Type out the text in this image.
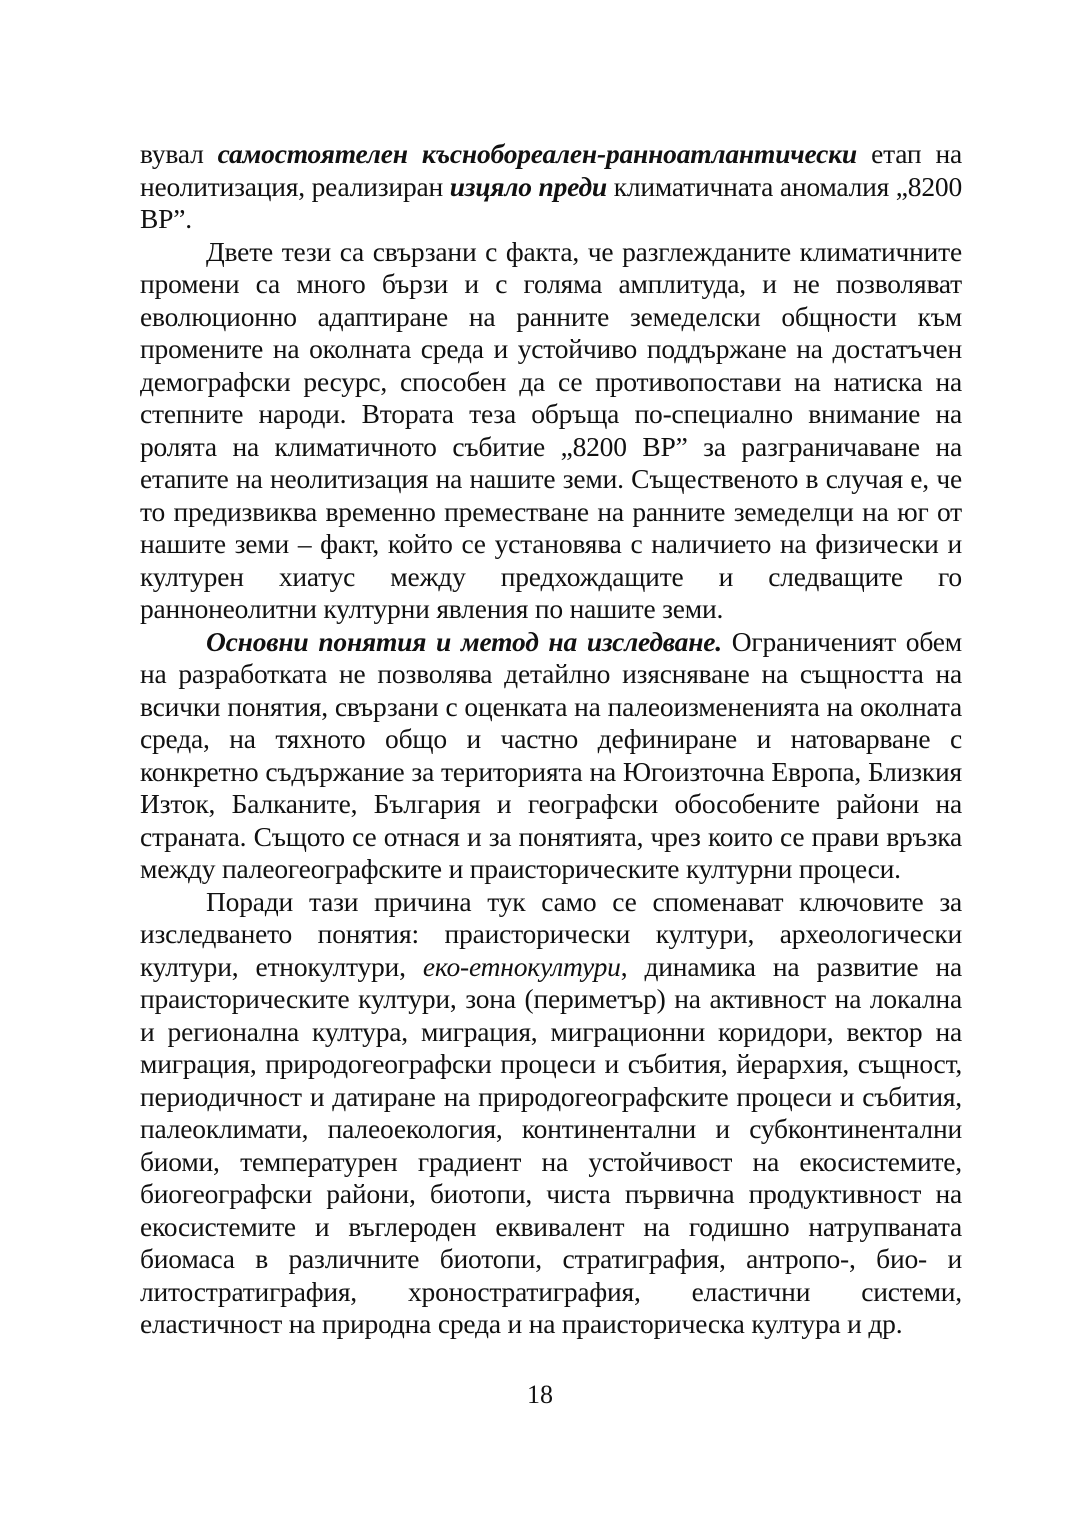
вувал самостоятелен къснобореален-ранноатлантически етап на неолитизация, реализиран изцяло преди климатичната аномалия „8200 ВР”.

Двете тези са свързани с факта, че разглежданите климатичните промени са много бързи и с голяма амплитуда, и не позволяват еволюционно адаптиране на ранните земеделски общности към промените на околната среда и устойчиво поддържане на достатъчен демографски ресурс, способен да се противопостави на натиска на степните народи. Втората теза обръща по-специално внимание на ролята на климатичното събитие „8200 ВР” за разграничаване на етапите на неолитизация на нашите земи. Същественото в случая е, че то предизвиква временно преместване на ранните земеделци на юг от нашите земи – факт, който се установява с наличието на физически и културен хиатус между предхождащите и следващите го раннонеолитни културни явления по нашите земи.

Основни понятия и метод на изследване. Ограниченият обем на разработката не позволява детайлно изясняване на същността на всички понятия, свързани с оценката на палеоизмененията на околната среда, на тяхното общо и частно дефиниране и натоварване с конкретно съдържание за територията на Югоизточна Европа, Близкия Изток, Балканите, България и географски обособените райони на страната. Същото се отнася и за понятията, чрез които се прави връзка между палеогеографските и праисторическите културни процеси.

Поради тази причина тук само се споменават ключовите за изследването понятия: праисторически култури, археологически култури, етнокултури, еко-етнокултури, динамика на развитие на праисторическите култури, зона (периметър) на активност на локална и регионална култура, миграция, миграционни коридори, вектор на миграция, природогеографски процеси и събития, йерархия, същност, периодичност и датиране на природогеографските процеси и събития, палеоклимати, палеоекология, континентални и субконтинентални биоми, температурен градиент на устойчивост на екосистемите, биогеографски райони, биотопи, чиста първична продуктивност на екосистемите и въглероден еквивалент на годишно натрупваната биомаса в различните биотопи, стратиграфия, антропо-, био- и литостратиграфия, хроностратиграфия, еластични системи, еластичност на природна среда и на праисторическа култура и др.

18
